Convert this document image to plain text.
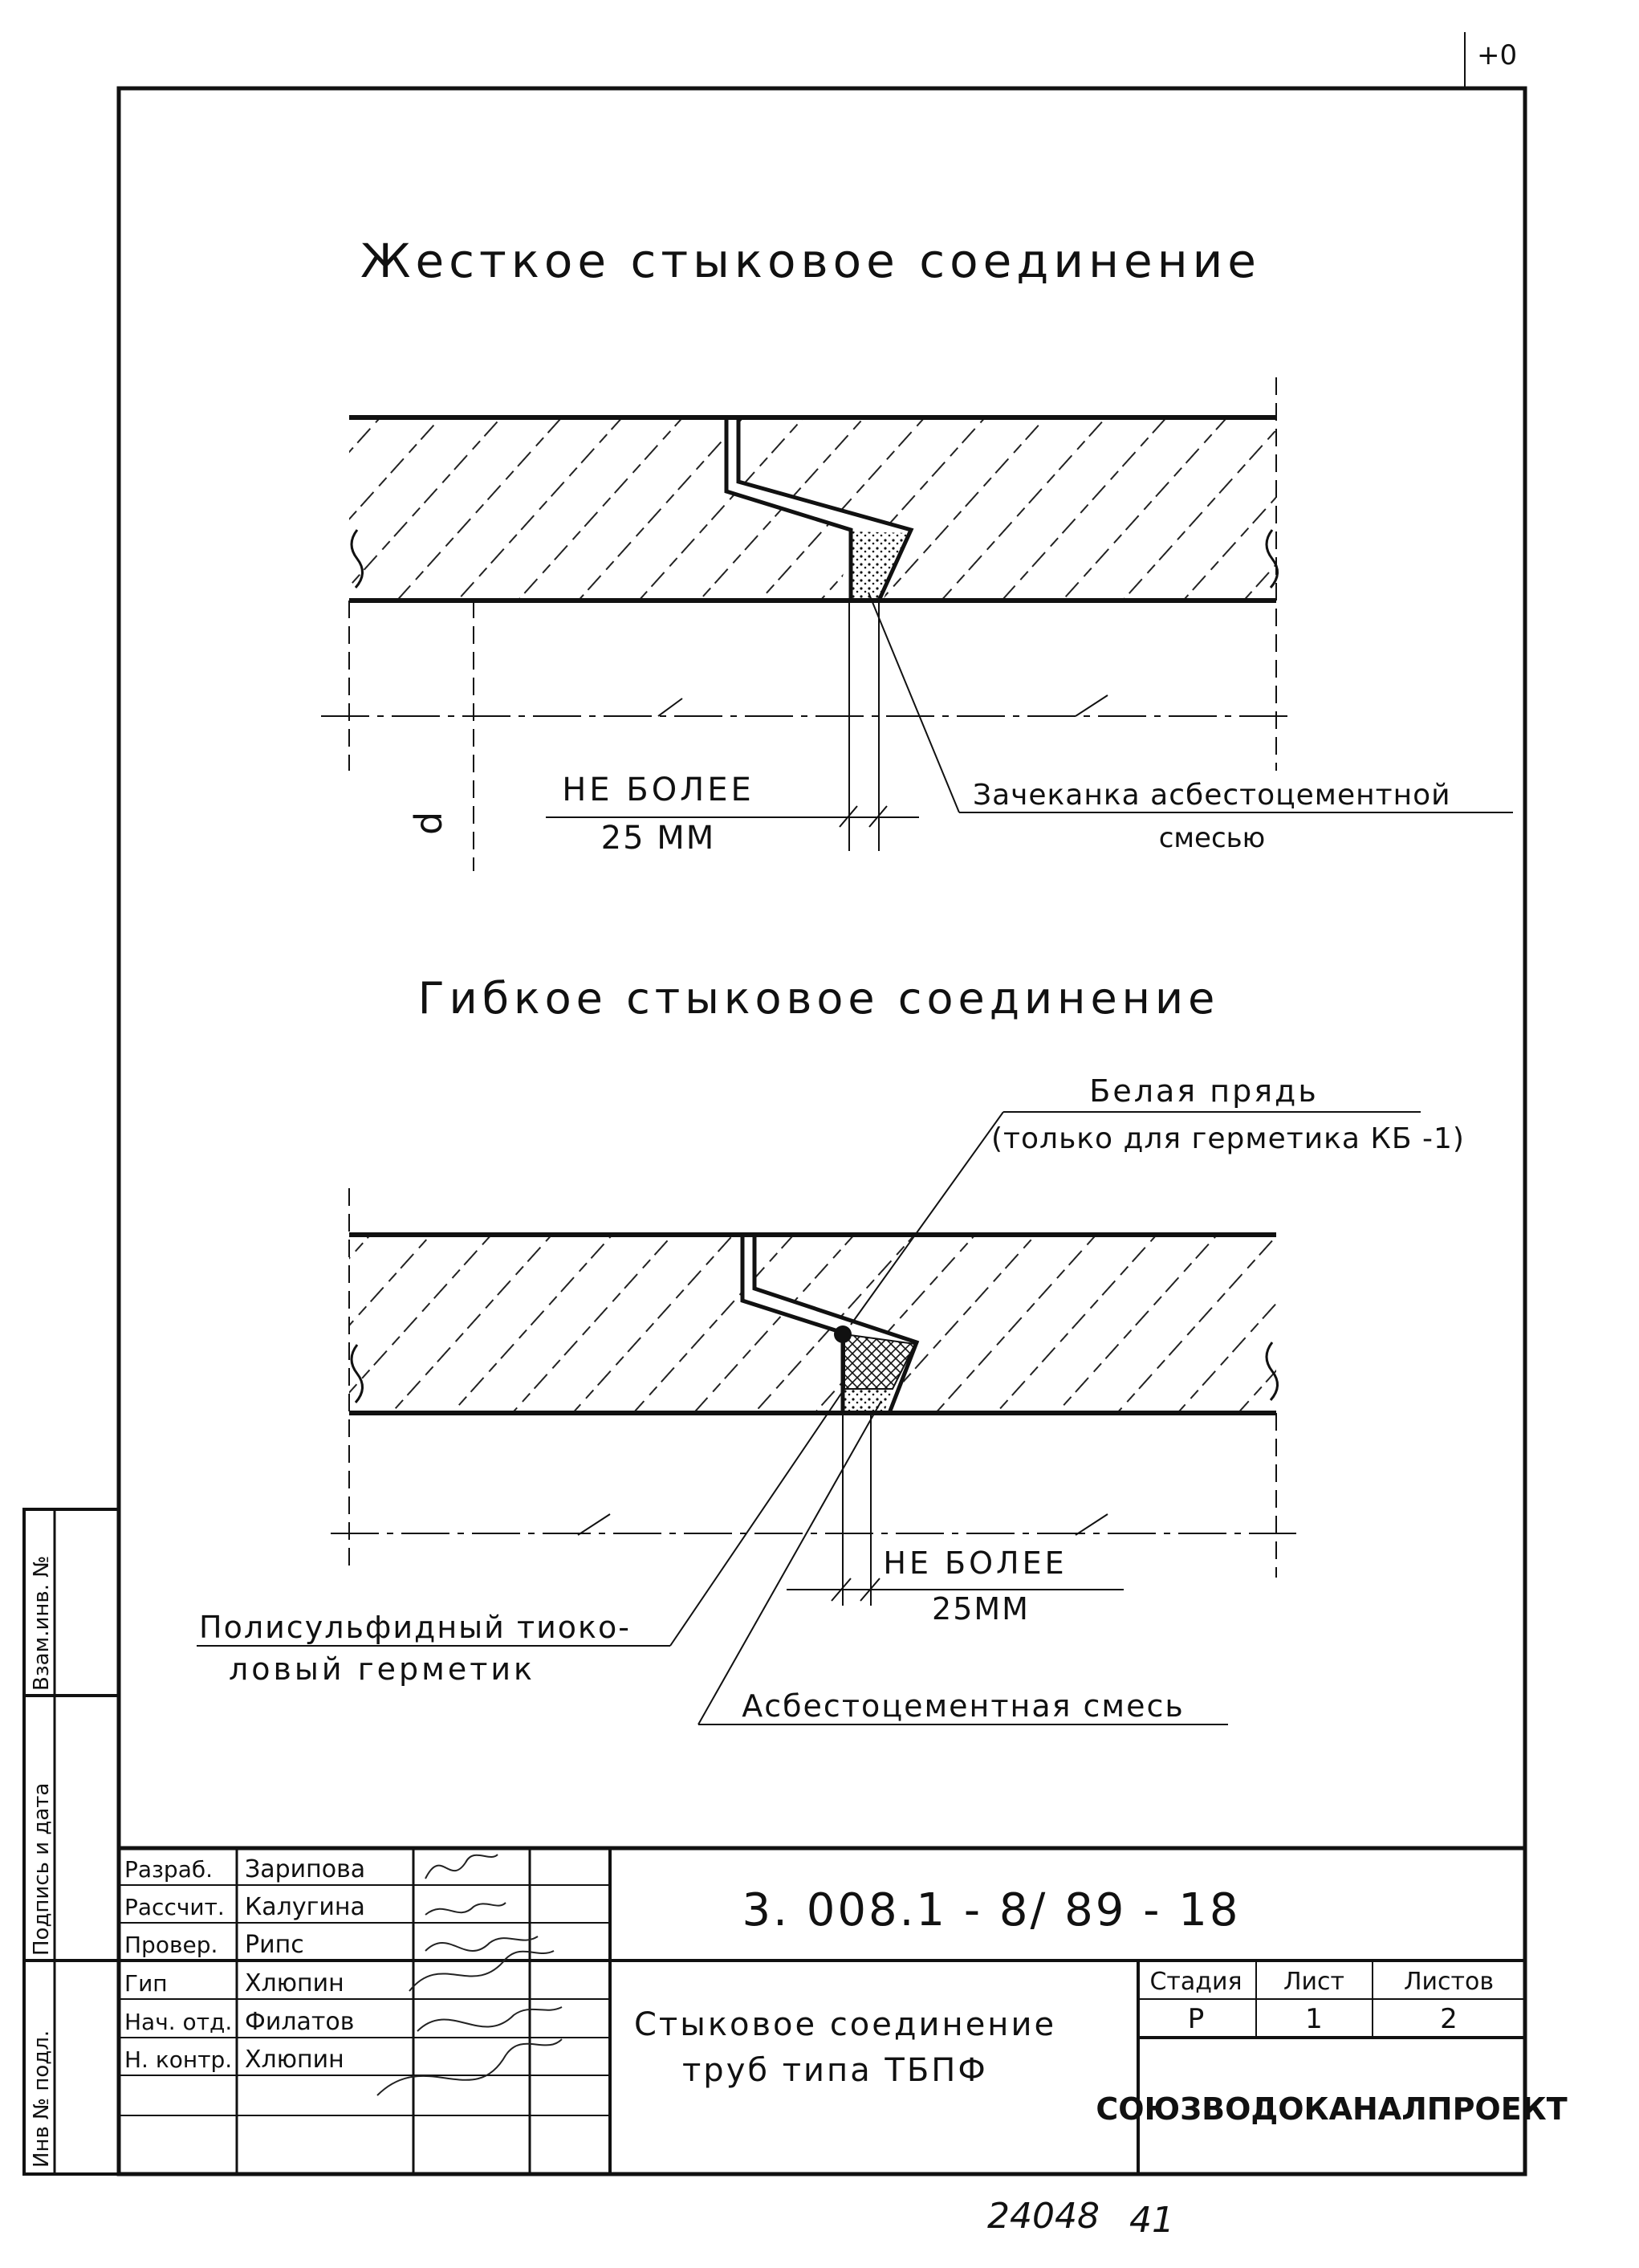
+0
Жесткое стыковое соединение
d
НЕ БОЛЕЕ
25 ММ
Зачеканка асбестоцементной
смесью
Гибкое стыковое соединение
Белая прядь
(только для герметика КБ -1)
НЕ БОЛЕЕ
25ММ
Полисульфидный тиоко-
ловый герметик
Асбестоцементная смесь
Взам.инв. №
Подпись и дата
Инв № подл.
Разраб. Зарипова
Рассчит. Калугина
Провер. Рипс
Гип	Хлюпин
Нач. отд. Филатов
Н. контр. Хлюпин
3. 008.1 - 8/ 89 - 18
Стыковое соединение
труб типа ТБПФ
Стадия Лист Листов
Р	1	2
СОЮЗВОДОКАНАЛПРОЕКТ
24048 41
